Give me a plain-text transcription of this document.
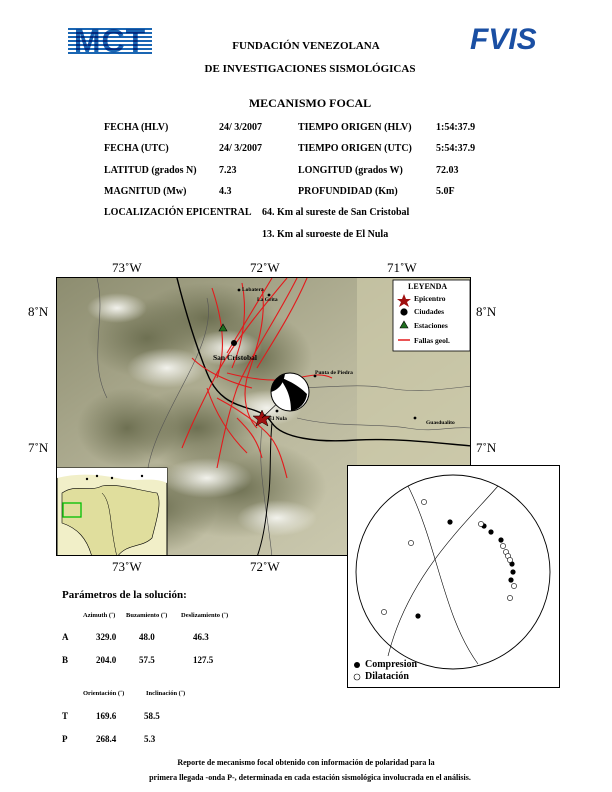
MCT	FVIS
FUNDACIÓN VENEZOLANA
DE INVESTIGACIONES SISMOLÓGICAS
MECANISMO FOCAL
FECHA (HLV)	24/ 3/2007	TIEMPO ORIGEN (HLV) 1:54:37.9
FECHA (UTC)	24/ 3/2007	TIEMPO ORIGEN (UTC) 5:54:37.9
LATITUD (grados N) 7.23	LONGITUD (grados W)	72.03
MAGNITUD (Mw)	4.3	PROFUNDIDAD (Km)	5.0F
LOCALIZACIÓN EPICENTRAL 64. Km al sureste de San Cristobal
13. Km al suroeste de El Nula
73˚W	72˚W	71˚W
73˚W	72˚W
8˚N
7˚N
8˚N
7˚N
LEYENDA
Epicentro
Ciudades
Estaciones
Fallas geol.
Lobatera
La Grita
San Cristobal
Punta de Piedra
El Nula
Guasdualito
Compresion
Dilatación
Parámetros de la solución:
Azimuth (˚) Buzamiento (˚) Deslizamiento (˚)
A	329.0	48.0	46.3
B	204.0	57.5	127.5
Orientación (˚)	Inclinación (˚)
T	169.6	58.5
P	268.4	5.3
Reporte de mecanismo focal obtenido con información de polaridad para la
primera llegada -onda P-, determinada en cada estación sismológica involucrada en el análisis.
